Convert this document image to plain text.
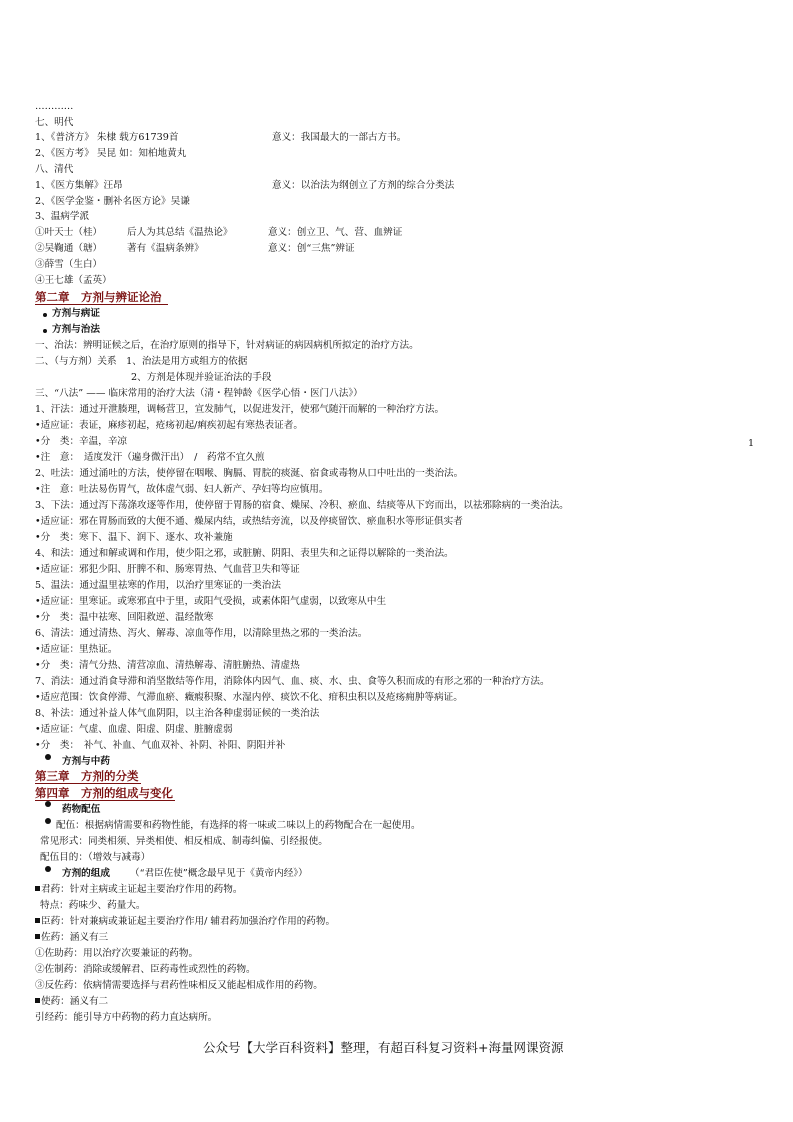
…………
七、明代
1、《普济方》 朱棣 载方61739首	意义：我国最大的一部古方书。
2、《医方考》 吴昆 如：知柏地黄丸
八、清代
1、《医方集解》汪昂	意义：以治法为纲创立了方剂的综合分类法
2、《医学金鉴・删补名医方论》吴谦
3、温病学派
①叶天士（桂）	后人为其总结《温热论》	意义：创立卫、气、营、血辨证
②吴鞠通（瑭）	著有《温病条辨》	意义：创“三焦”辨证
③薛雪（生白）
④王七雄（孟英）
第二章　方剂与辨证论治
方剂与病证
方剂与治法
一、治法：辨明证候之后，在治疗原则的指导下，针对病证的病因病机所拟定的治疗方法。
二、（与方剂）关系　1、治法是用方或组方的依据
2、方剂是体现并验证治法的手段
三、“八法” —— 临床常用的治疗大法（清・程钟龄《医学心悟・医门八法》）
1、汗法：通过开泄腠理，调畅营卫，宣发肺气，以促进发汗，使邪气随汗而解的一种治疗方法。
•适应证：表证，麻疹初起，疮疡初起/痢疾初起有寒热表证者。
•分　类：辛温，辛凉
•注　意：　适度发汗（遍身微汗出）　/　药常不宜久煎
2、吐法：通过涌吐的方法，使停留在咽喉、胸膈、胃脘的痰涎、宿食或毒物从口中吐出的一类治法。
•注　意：吐法易伤胃气，故体虚气弱、妇人新产、孕妇等均应慎用。
3、下法：通过泻下荡涤攻逐等作用，使停留于胃肠的宿食、燥屎、冷积、瘀血、结痰等从下窍而出，以祛邪除病的一类治法。
•适应证：邪在胃肠而致的大便不通、燥屎内结，或热结旁流，以及停痰留饮、瘀血积水等形证俱实者
•分　类：寒下、温下、润下、逐水、攻补兼施
4、和法：通过和解或调和作用，使少阳之邪，或脏腑、阴阳、表里失和之证得以解除的一类治法。
•适应证：邪犯少阳、肝脾不和、肠寒胃热、气血营卫失和等证
5、温法：通过温里祛寒的作用，以治疗里寒证的一类治法
•适应证：里寒证。或寒邪直中于里，或阳气受损，或素体阳气虚弱，以致寒从中生
•分　类：温中祛寒、回阳救逆、温经散寒
6、清法：通过清热、泻火、解毒、凉血等作用，以清除里热之邪的一类治法。
•适应证：里热证。
•分　类：清气分热、清营凉血、清热解毒、清脏腑热、清虚热
7、消法：通过消食导滞和消坚散结等作用，消除体内因气、血、痰、水、虫、食等久积而成的有形之邪的一种治疗方法。
•适应范围：饮食停滞、气滞血瘀、癥瘕积聚、水湿内停、痰饮不化、疳积虫积以及疮疡痈肿等病证。
8、补法：通过补益人体气血阴阳，以主治各种虚弱证候的一类治法
•适应证：气虚、血虚、阳虚、阴虚、脏腑虚弱
•分　类：　补气、补血、气血双补、补阴、补阳、阴阳并补
方剂与中药
第三章　方剂的分类
第四章　方剂的组成与变化
药物配伍
配伍：根据病情需要和药物性能，有选择的将一味或二味以上的药物配合在一起使用。
常见形式：同类相须、异类相使、相反相成、制毒纠偏、引经报使。
配伍目的：（增效与减毒）
方剂的组成 （“君臣佐使”概念最早见于《黄帝内经》）
君药：针对主病或主证起主要治疗作用的药物。
特点：药味少、药量大。
臣药：针对兼病或兼证起主要治疗作用/ 辅君药加强治疗作用的药物。
佐药：涵义有三
①佐助药：用以治疗次要兼证的药物。
②佐制药：消除或缓解君、臣药毒性或烈性的药物。
③反佐药：依病情需要选择与君药性味相反又能起相成作用的药物。
使药：涵义有二
引经药：能引导方中药物的药力直达病所。
1
公众号【大学百科资料】整理，有超百科复习资料+海量网课资源
